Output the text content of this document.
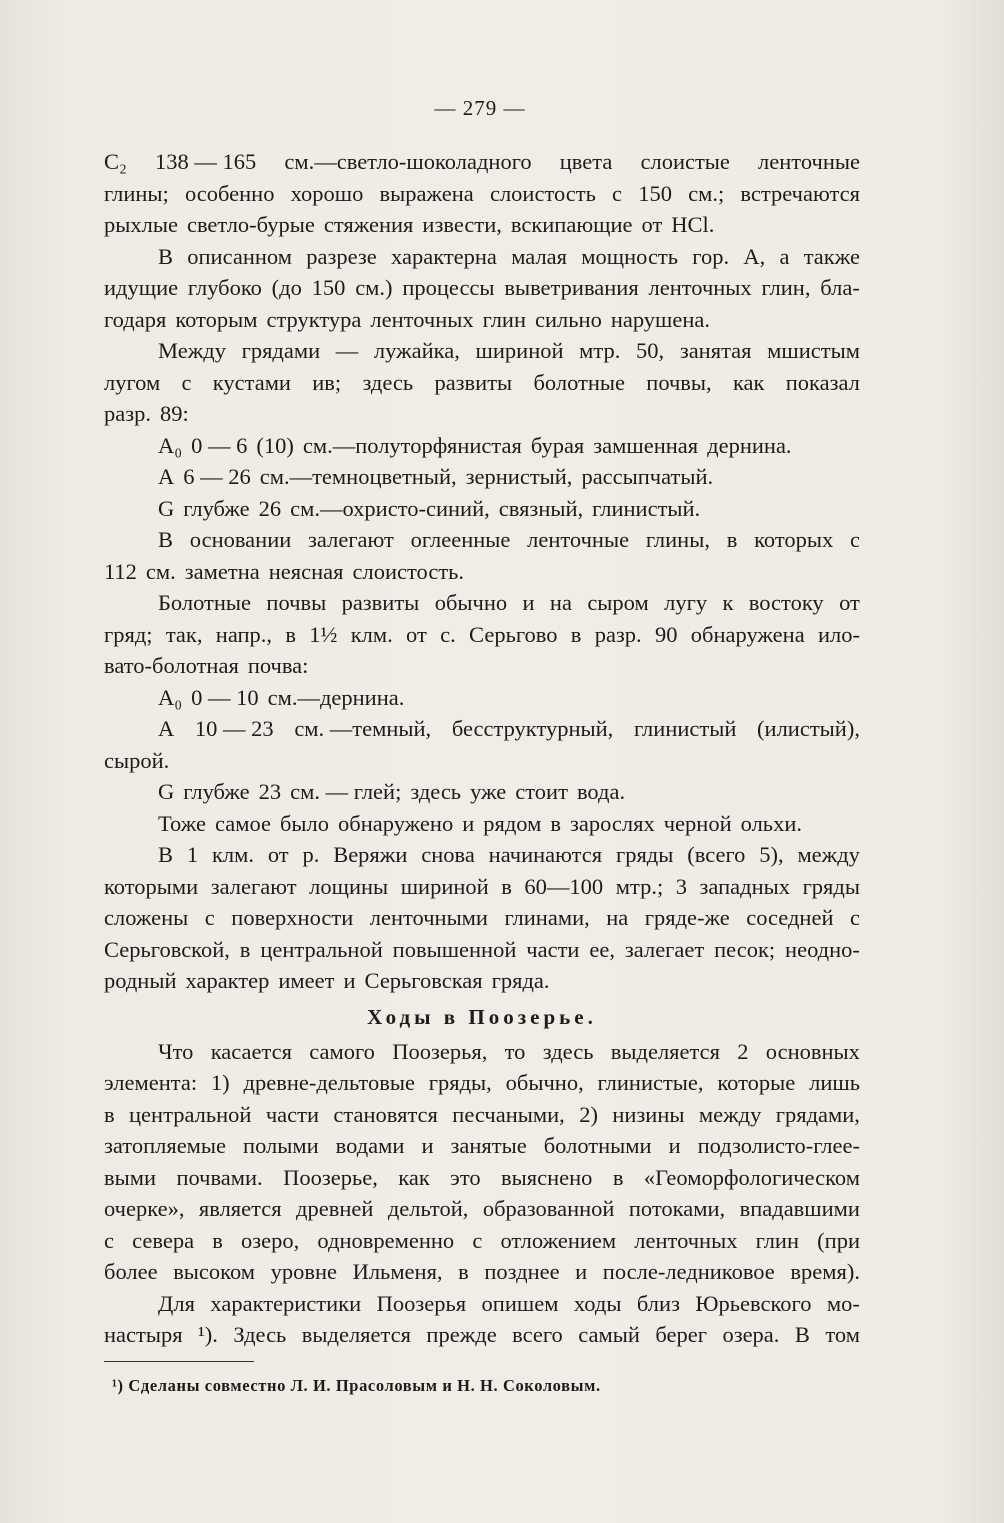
— 279 —
C₂ 138 — 165 см.—светло-шоколадного цвета слоистые ленточные
глины; особенно хорошо выражена слоистость с 150 см.; встречаются
рыхлые светло-бурые стяжения извести, вскипающие от HCl.
В описанном разрезе характерна малая мощность гор. А, а также
идущие глубоко (до 150 см.) процессы выветривания ленточных глин, бла-
годаря которым структура ленточных глин сильно нарушена.
Между грядами — лужайка, шириной мтр. 50, занятая мшистым
лугом с кустами ив; здесь развиты болотные почвы, как показал
разр. 89:
A₀ 0 — 6 (10) см.—полуторфянистая бурая замшенная дернина.
A 6 — 26 см.—темноцветный, зернистый, рассыпчатый.
G глубже 26 см.—охристо-синий, связный, глинистый.
В основании залегают оглеенные ленточные глины, в которых с
112 см. заметна неясная слоистость.
Болотные почвы развиты обычно и на сыром лугу к востоку от
гряд; так, напр., в 1½ клм. от с. Серьгово в разр. 90 обнаружена ило-
вато-болотная почва:
A₀ 0 — 10 см.—дернина.
A 10 — 23 см. —темный, бесструктурный, глинистый (илистый),
сырой.
G глубже 23 см. — глей; здесь уже стоит вода.
Тоже самое было обнаружено и рядом в зарослях черной ольхи.
В 1 клм. от р. Веряжи снова начинаются гряды (всего 5), между
которыми залегают лощины шириной в 60—100 мтр.; 3 западных гряды
сложены с поверхности ленточными глинами, на гряде-же соседней с
Серьговской, в центральной повышенной части ее, залегает песок; неодно-
родный характер имеет и Серьговская гряда.
Ходы в Поозерье.
Что касается самого Поозерья, то здесь выделяется 2 основных
элемента: 1) древне-дельтовые гряды, обычно, глинистые, которые лишь
в центральной части становятся песчаными, 2) низины между грядами,
затопляемые полыми водами и занятые болотными и подзолисто-глее-
выми почвами. Поозерье, как это выяснено в «Геоморфологическом
очерке», является древней дельтой, образованной потоками, впадавшими
с севера в озеро, одновременно с отложением ленточных глин (при
более высоком уровне Ильменя, в позднее и после-ледниковое время).
Для характеристики Поозерья опишем ходы близ Юрьевского мо-
настыря ¹). Здесь выделяется прежде всего самый берег озера. В том
¹) Сделаны совместно Л. И. Прасоловым и Н. Н. Соколовым.
